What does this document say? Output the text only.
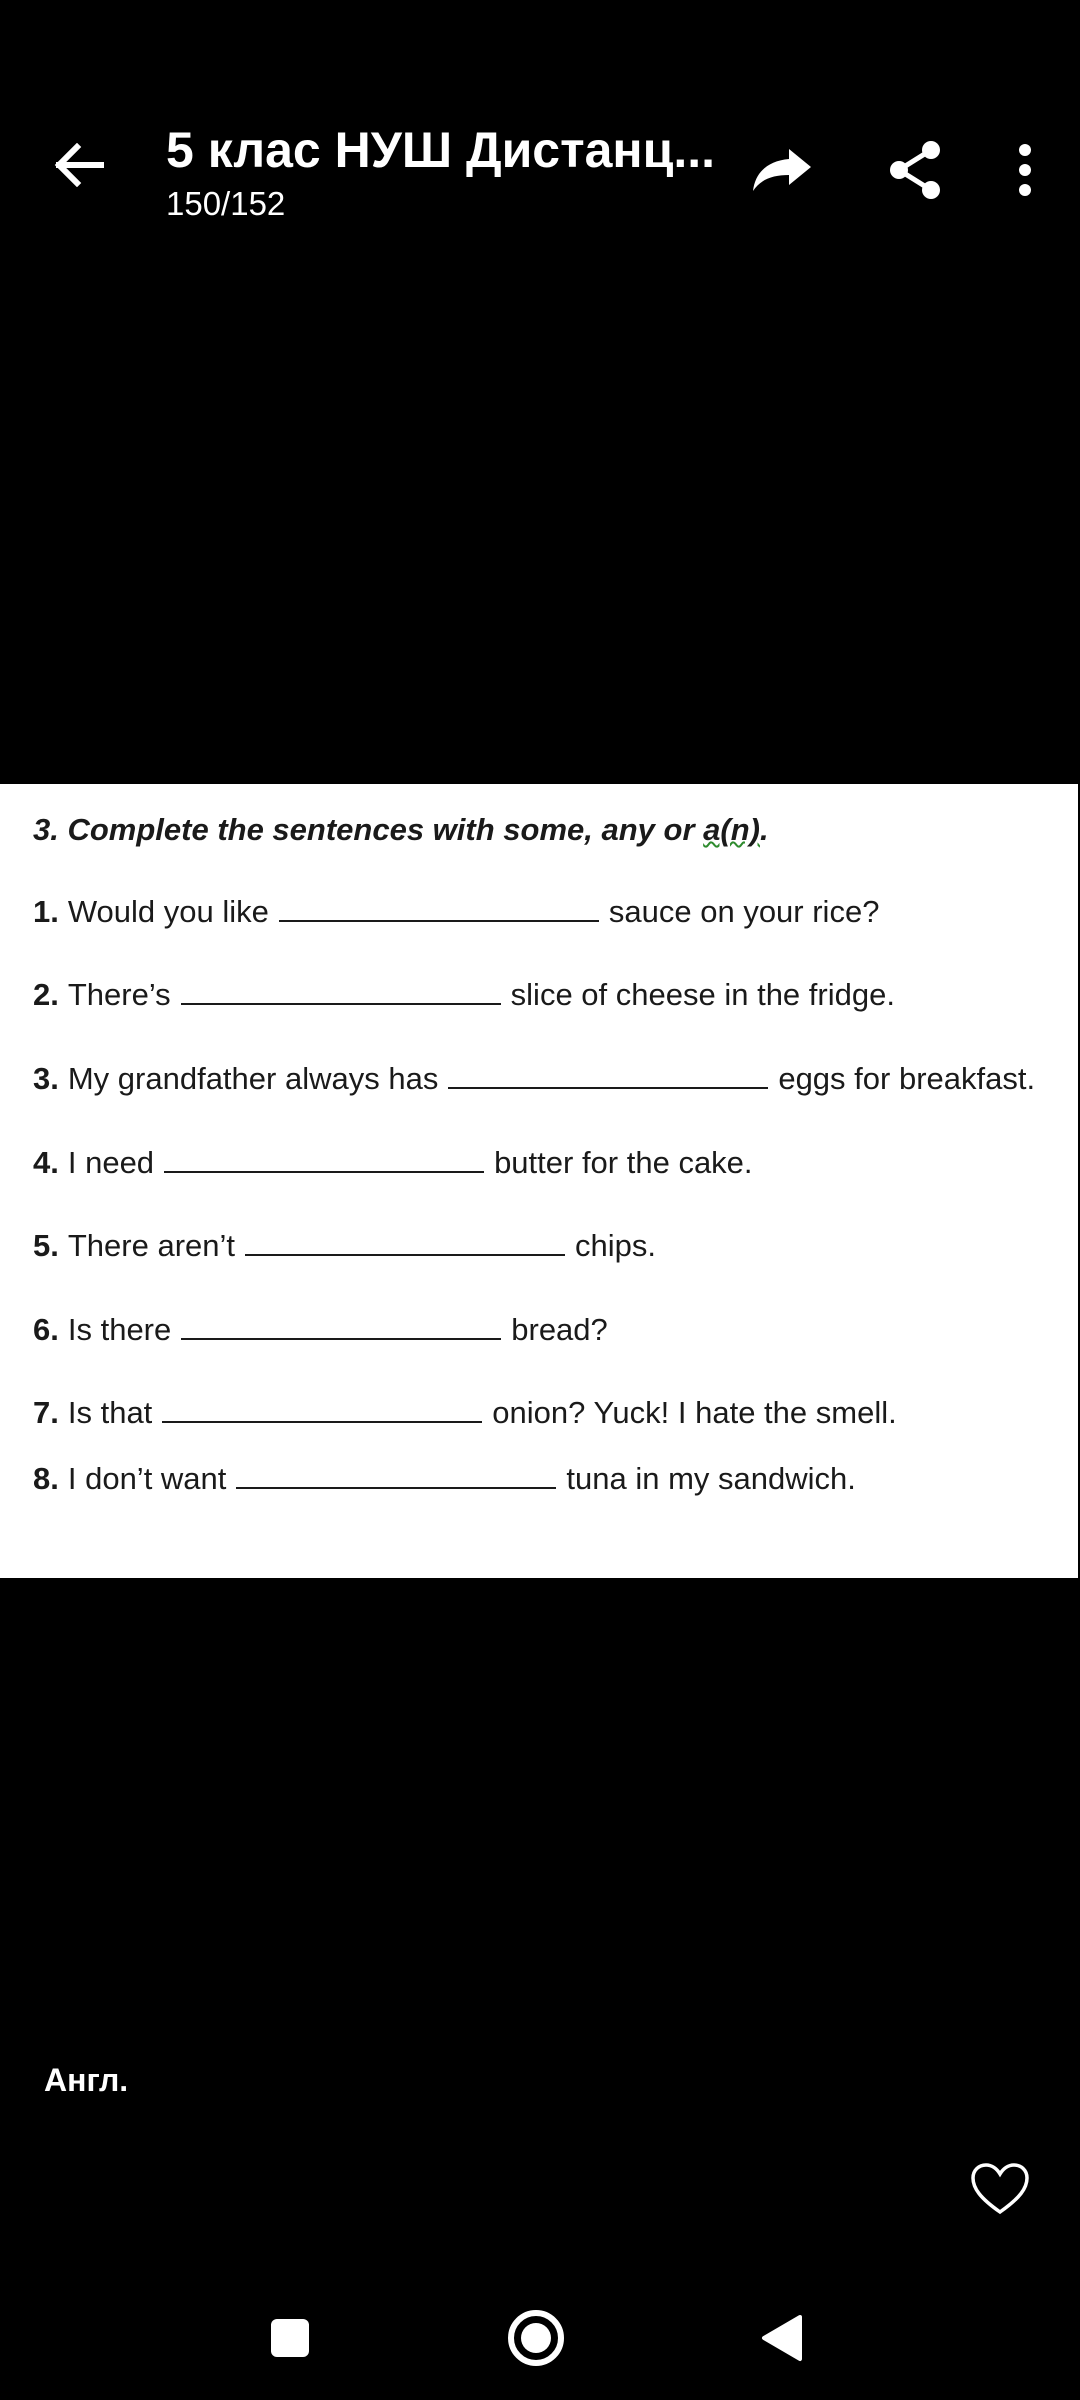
5 клас НУШ Дистанц...
150/152
3. Complete the sentences with some, any or a(n).
1. Would you like	sauce on your rice?
2. There’s	slice of cheese in the fridge.
3. My grandfather always has	eggs for breakfast.
4. I need	butter for the cake.
5. There aren’t	chips.
6. Is there	bread?
7. Is that	onion? Yuck! I hate the smell.
8. I don’t want	tuna in my sandwich.
Англ.
